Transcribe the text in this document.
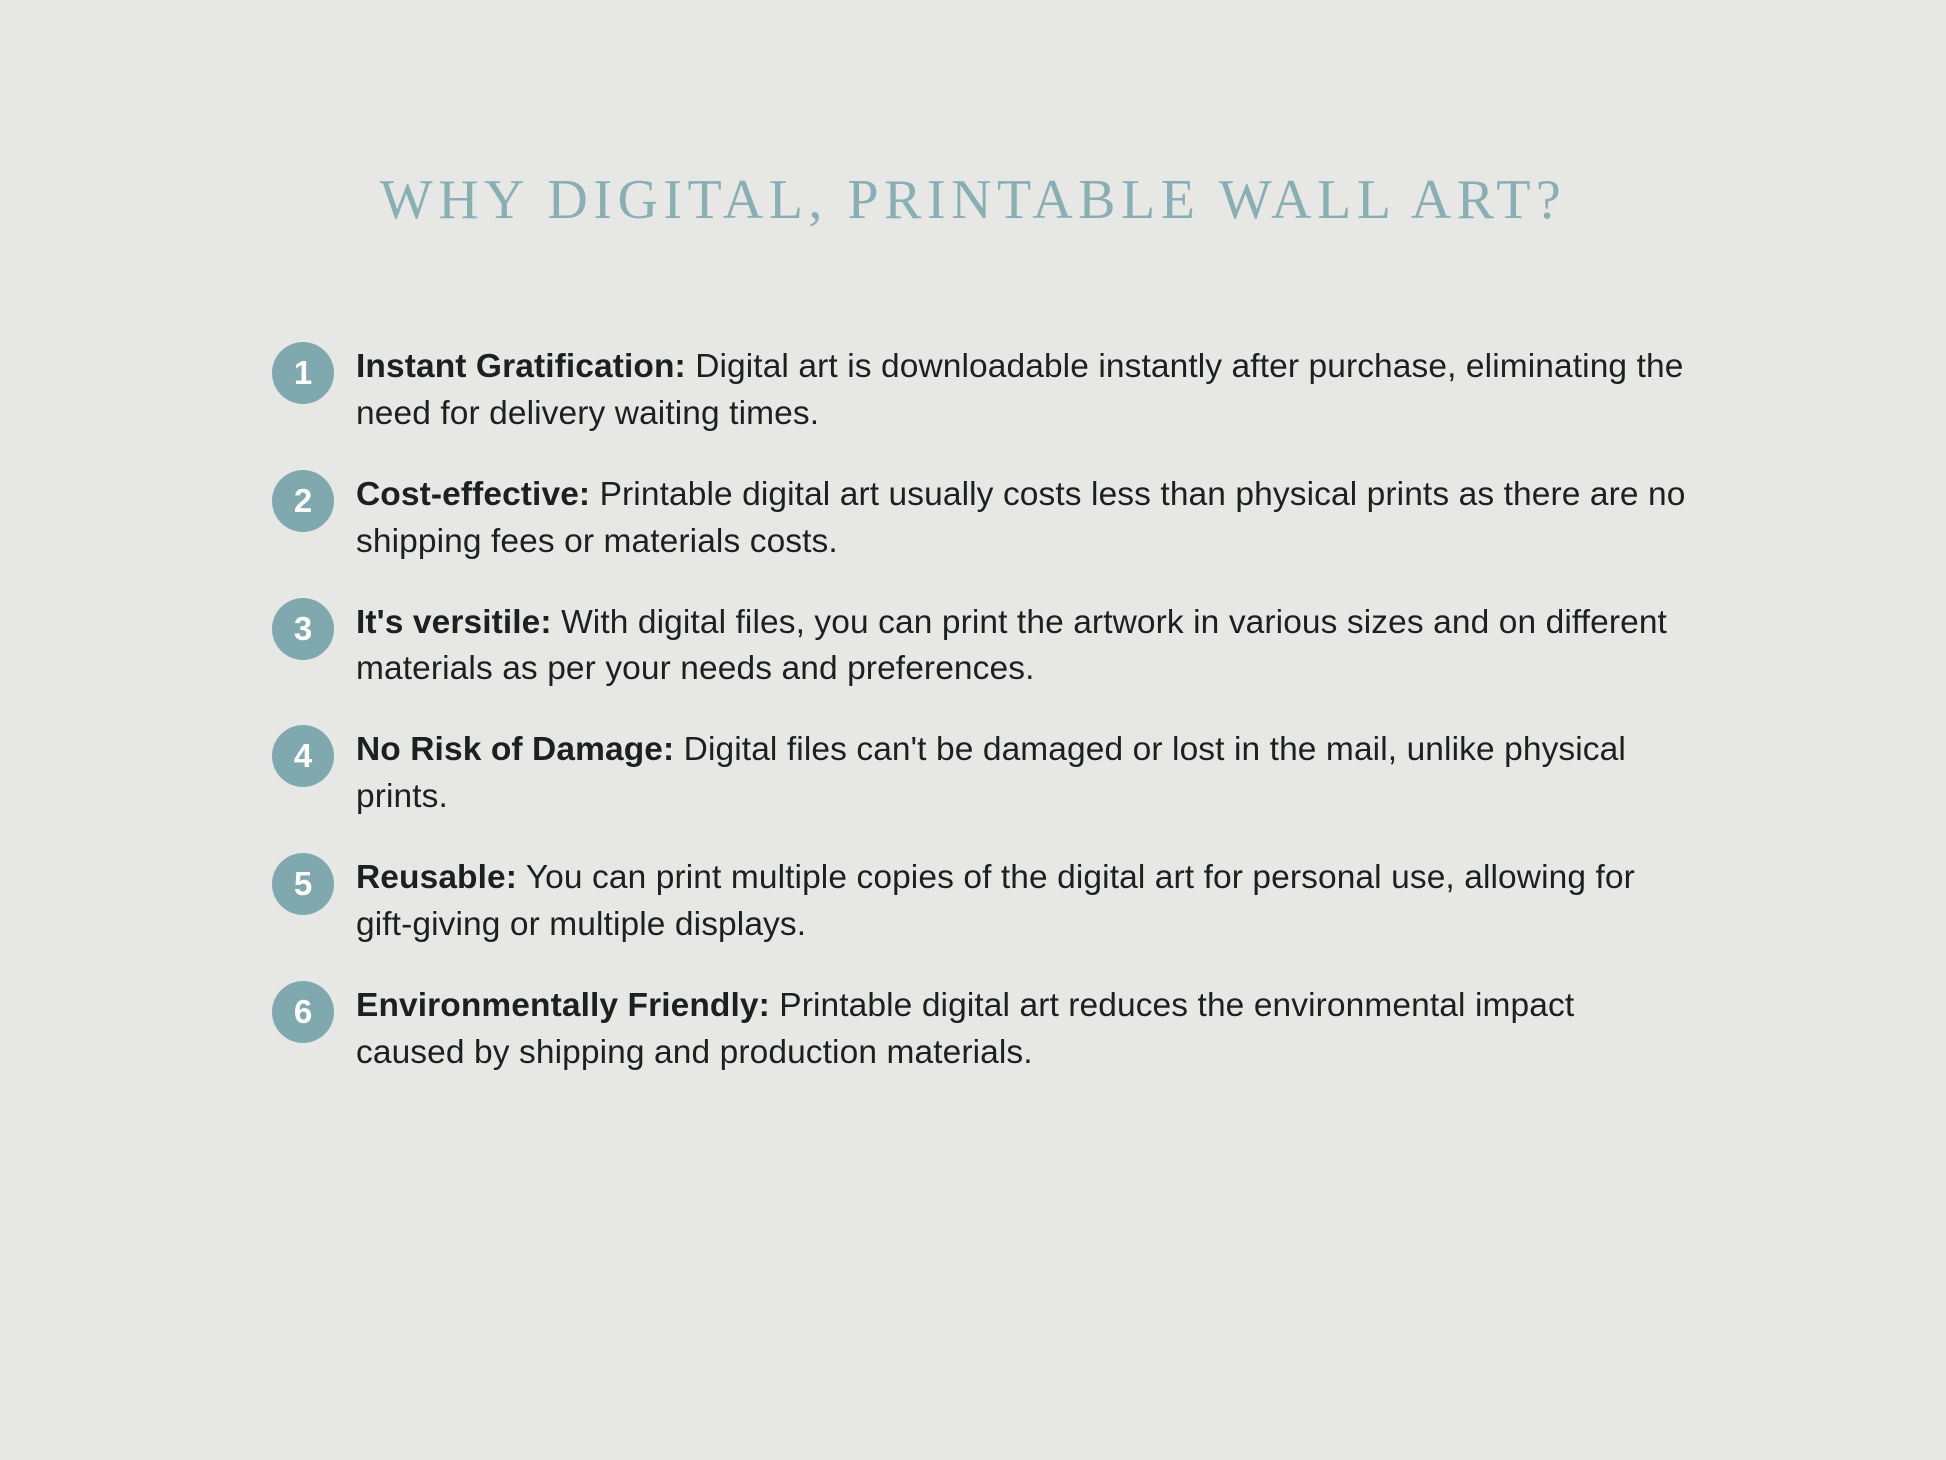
WHY DIGITAL, PRINTABLE WALL ART?
1	Instant Gratification: Digital art is downloadable instantly after purchase, eliminating the need for delivery waiting times.
2	Cost-effective: Printable digital art usually costs less than physical prints as there are no shipping fees or materials costs.
3	It's versitile: With digital files, you can print the artwork in various sizes and on different materials as per your needs and preferences.
4	No Risk of Damage: Digital files can't be damaged or lost in the mail, unlike physical prints.
5	Reusable: You can print multiple copies of the digital art for personal use, allowing for gift-giving or multiple displays.
6	Environmentally Friendly: Printable digital art reduces the environmental impact caused by shipping and production materials.
